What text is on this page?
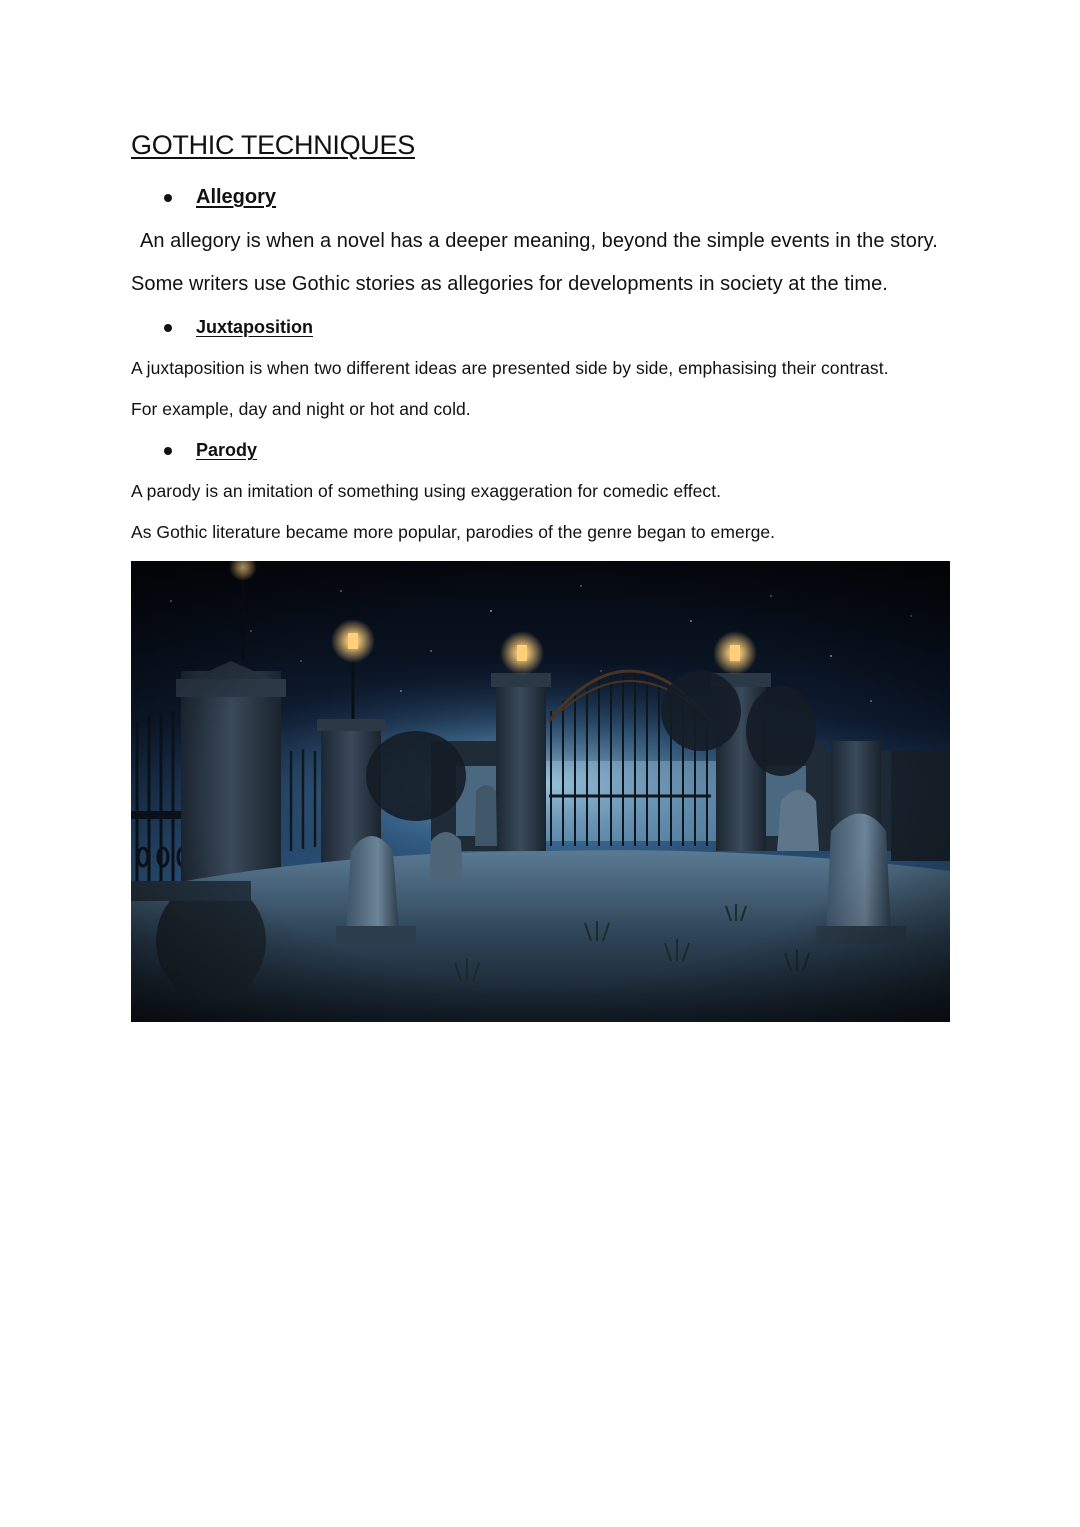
GOTHIC TECHNIQUES
Allegory

An allegory is when a novel has a deeper meaning, beyond the simple events in the story.

Some writers use Gothic stories as allegories for developments in society at the time.

Juxtaposition

A juxtaposition is when two different ideas are presented side by side, emphasising their contrast.

For example, day and night or hot and cold.

Parody

A parody is an imitation of something using exaggeration for comedic effect.

As Gothic literature became more popular, parodies of the genre began to emerge.
